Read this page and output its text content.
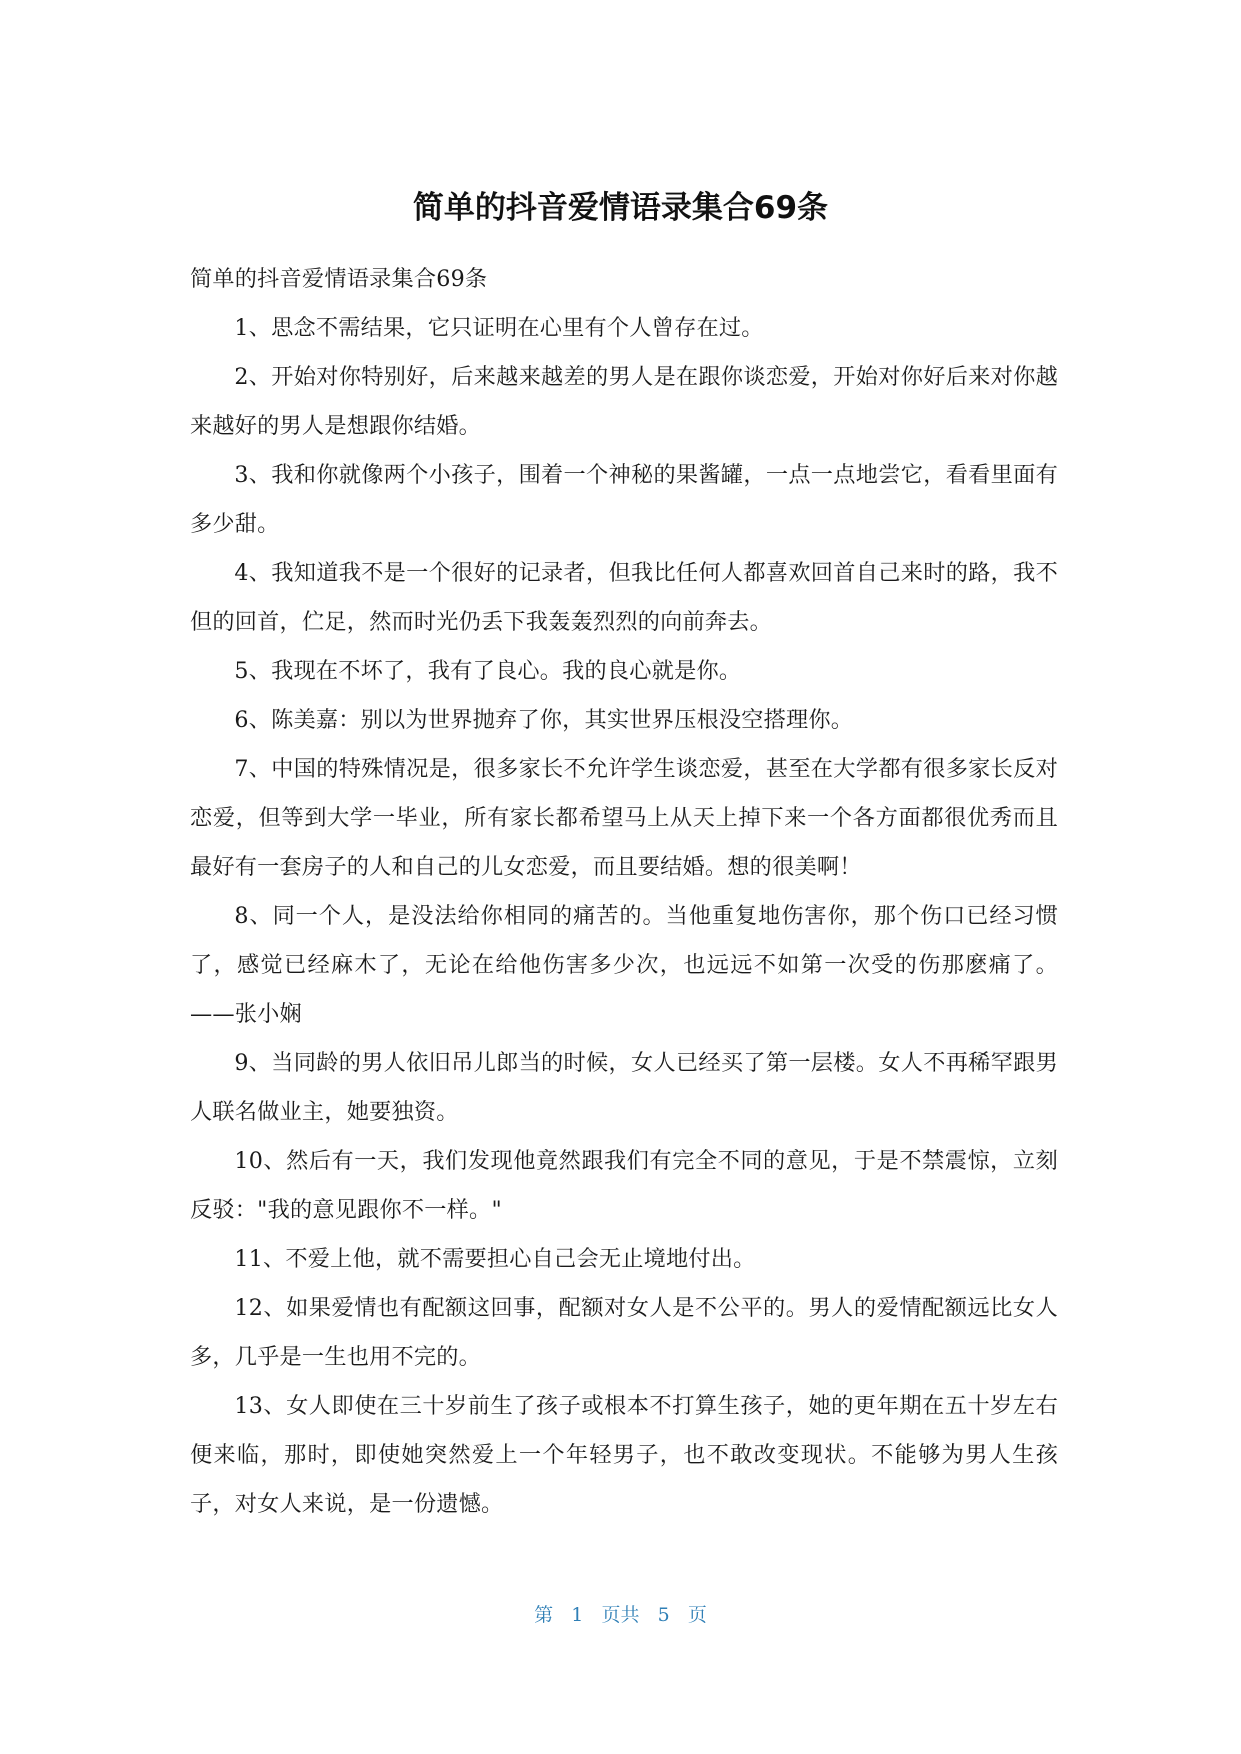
简单的抖音爱情语录集合69条

简单的抖音爱情语录集合69条

1、思念不需结果，它只证明在心里有个人曾存在过。

2、开始对你特别好，后来越来越差的男人是在跟你谈恋爱，开始对你好后来对你越来越好的男人是想跟你结婚。

3、我和你就像两个小孩子，围着一个神秘的果酱罐，一点一点地尝它，看看里面有多少甜。

4、我知道我不是一个很好的记录者，但我比任何人都喜欢回首自己来时的路，我不但的回首，伫足，然而时光仍丢下我轰轰烈烈的向前奔去。

5、我现在不坏了，我有了良心。我的良心就是你。

6、陈美嘉：别以为世界抛弃了你，其实世界压根没空搭理你。

7、中国的特殊情况是，很多家长不允许学生谈恋爱，甚至在大学都有很多家长反对恋爱，但等到大学一毕业，所有家长都希望马上从天上掉下来一个各方面都很优秀而且最好有一套房子的人和自己的儿女恋爱，而且要结婚。想的很美啊！

8、同一个人，是没法给你相同的痛苦的。当他重复地伤害你，那个伤口已经习惯了，感觉已经麻木了，无论在给他伤害多少次，也远远不如第一次受的伤那麽痛了。——张小娴

9、当同龄的男人依旧吊儿郎当的时候，女人已经买了第一层楼。女人不再稀罕跟男人联名做业主，她要独资。

10、然后有一天，我们发现他竟然跟我们有完全不同的意见，于是不禁震惊，立刻反驳："我的意见跟你不一样。"

11、不爱上他，就不需要担心自己会无止境地付出。

12、如果爱情也有配额这回事，配额对女人是不公平的。男人的爱情配额远比女人多，几乎是一生也用不完的。

13、女人即使在三十岁前生了孩子或根本不打算生孩子，她的更年期在五十岁左右便来临，那时，即使她突然爱上一个年轻男子，也不敢改变现状。不能够为男人生孩子，对女人来说，是一份遗憾。

第 1 页共 5 页
